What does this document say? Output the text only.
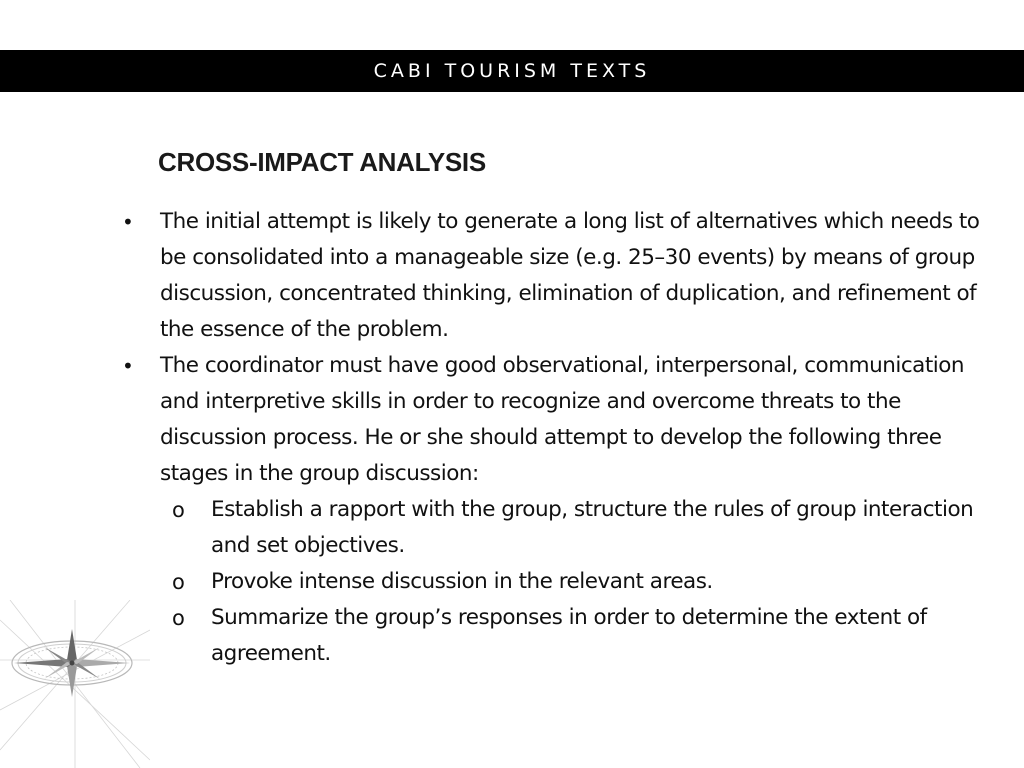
CABI TOURISM TEXTS
CROSS-IMPACT ANALYSIS
• The initial attempt is likely to generate a long list of alternatives which needs to be consolidated into a manageable size (e.g. 25–30 events) by means of group discussion, concentrated thinking, elimination of duplication, and refinement of the essence of the problem.
• The coordinator must have good observational, interpersonal, communication and interpretive skills in order to recognize and overcome threats to the discussion process. He or she should attempt to develop the following three stages in the group discussion:
o Establish a rapport with the group, structure the rules of group interaction and set objectives.
o Provoke intense discussion in the relevant areas.
o Summarize the group’s responses in order to determine the extent of agreement.
